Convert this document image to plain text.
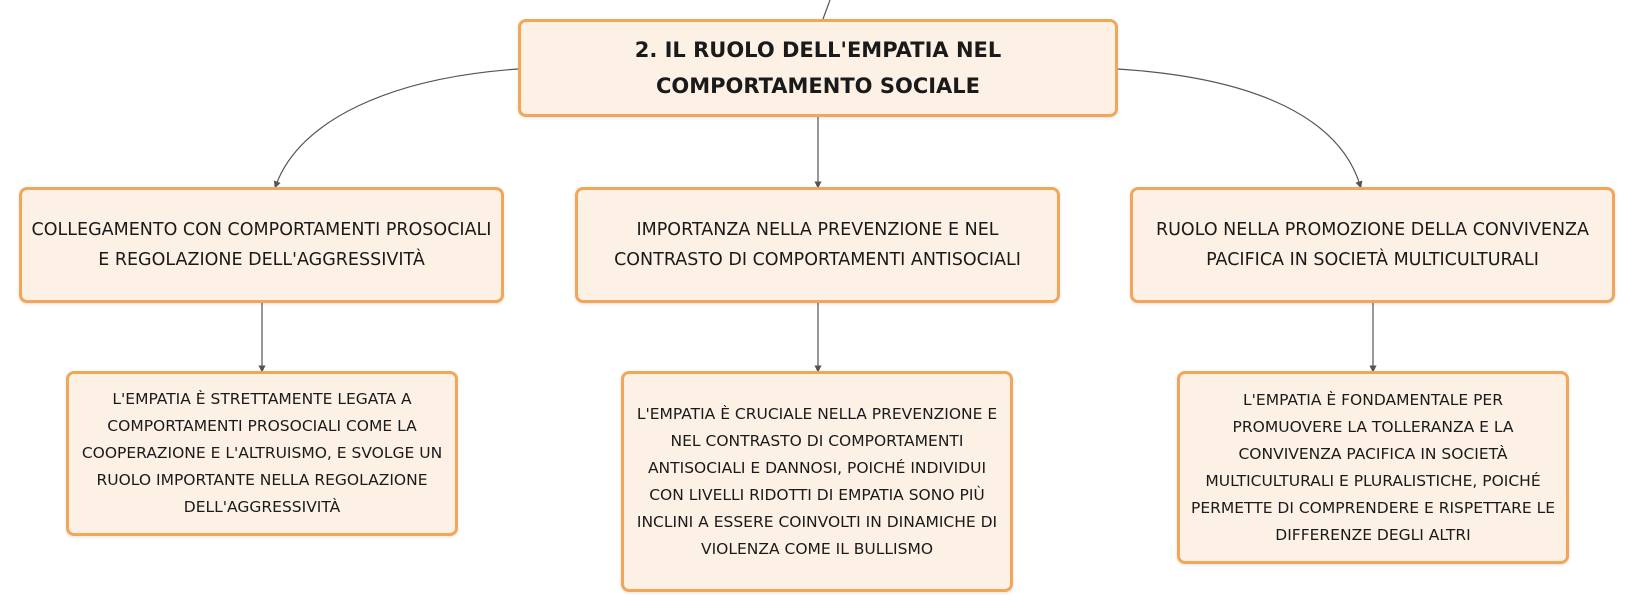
2. IL RUOLO DELL'EMPATIA NEL COMPORTAMENTO SOCIALE
COLLEGAMENTO CON COMPORTAMENTI PROSOCIALI E REGOLAZIONE DELL'AGGRESSIVITÀ
IMPORTANZA NELLA PREVENZIONE E NEL CONTRASTO DI COMPORTAMENTI ANTISOCIALI
RUOLO NELLA PROMOZIONE DELLA CONVIVENZA PACIFICA IN SOCIETÀ MULTICULTURALI
L'EMPATIA È STRETTAMENTE LEGATA A COMPORTAMENTI PROSOCIALI COME LA COOPERAZIONE E L'ALTRUISMO, E SVOLGE UN RUOLO IMPORTANTE NELLA REGOLAZIONE DELL'AGGRESSIVITÀ
L'EMPATIA È CRUCIALE NELLA PREVENZIONE E NEL CONTRASTO DI COMPORTAMENTI ANTISOCIALI E DANNOSI, POICHÉ INDIVIDUI CON LIVELLI RIDOTTI DI EMPATIA SONO PIÙ INCLINI A ESSERE COINVOLTI IN DINAMICHE DI VIOLENZA COME IL BULLISMO
L'EMPATIA È FONDAMENTALE PER PROMUOVERE LA TOLLERANZA E LA CONVIVENZA PACIFICA IN SOCIETÀ MULTICULTURALI E PLURALISTICHE, POICHÉ PERMETTE DI COMPRENDERE E RISPETTARE LE DIFFERENZE DEGLI ALTRI
